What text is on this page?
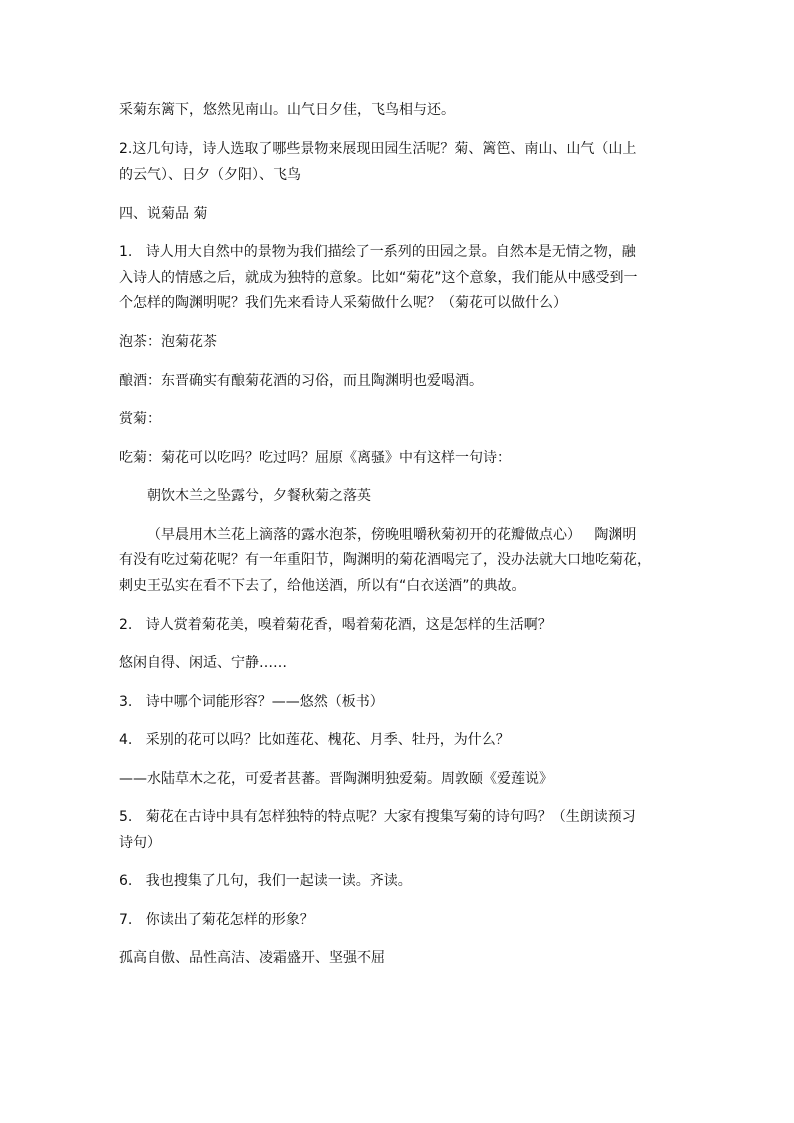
采菊东篱下，悠然见南山。山气日夕佳，飞鸟相与还。

2.这几句诗，诗人选取了哪些景物来展现田园生活呢？菊、篱笆、南山、山气（山上

的云气）、日夕（夕阳）、飞鸟

四、说菊品 菊

1.   诗人用大自然中的景物为我们描绘了一系列的田园之景。自然本是无情之物，融

入诗人的情感之后，就成为独特的意象。比如“菊花”这个意象，我们能从中感受到一

个怎样的陶渊明呢？我们先来看诗人采菊做什么呢？（菊花可以做什么）

泡茶：泡菊花茶

酿酒：东晋确实有酿菊花酒的习俗，而且陶渊明也爱喝酒。

赏菊：

吃菊：菊花可以吃吗？吃过吗？屈原《离骚》中有这样一句诗：

朝饮木兰之坠露兮，夕餐秋菊之落英

（早晨用木兰花上滴落的露水泡茶，傍晚咀嚼秋菊初开的花瓣做点心）   陶渊明

有没有吃过菊花呢？有一年重阳节，陶渊明的菊花酒喝完了，没办法就大口地吃菊花，

刺史王弘实在看不下去了，给他送酒，所以有“白衣送酒”的典故。

2.   诗人赏着菊花美，嗅着菊花香，喝着菊花酒，这是怎样的生活啊？

悠闲自得、闲适、宁静……

3.   诗中哪个词能形容？——悠然（板书）

4.   采别的花可以吗？比如莲花、槐花、月季、牡丹，为什么？

——水陆草木之花，可爱者甚蕃。晋陶渊明独爱菊。周敦颐《爱莲说》

5.   菊花在古诗中具有怎样独特的特点呢？大家有搜集写菊的诗句吗？（生朗读预习

诗句）

6.   我也搜集了几句，我们一起读一读。齐读。

7.   你读出了菊花怎样的形象？

孤高自傲、品性高洁、凌霜盛开、坚强不屈
